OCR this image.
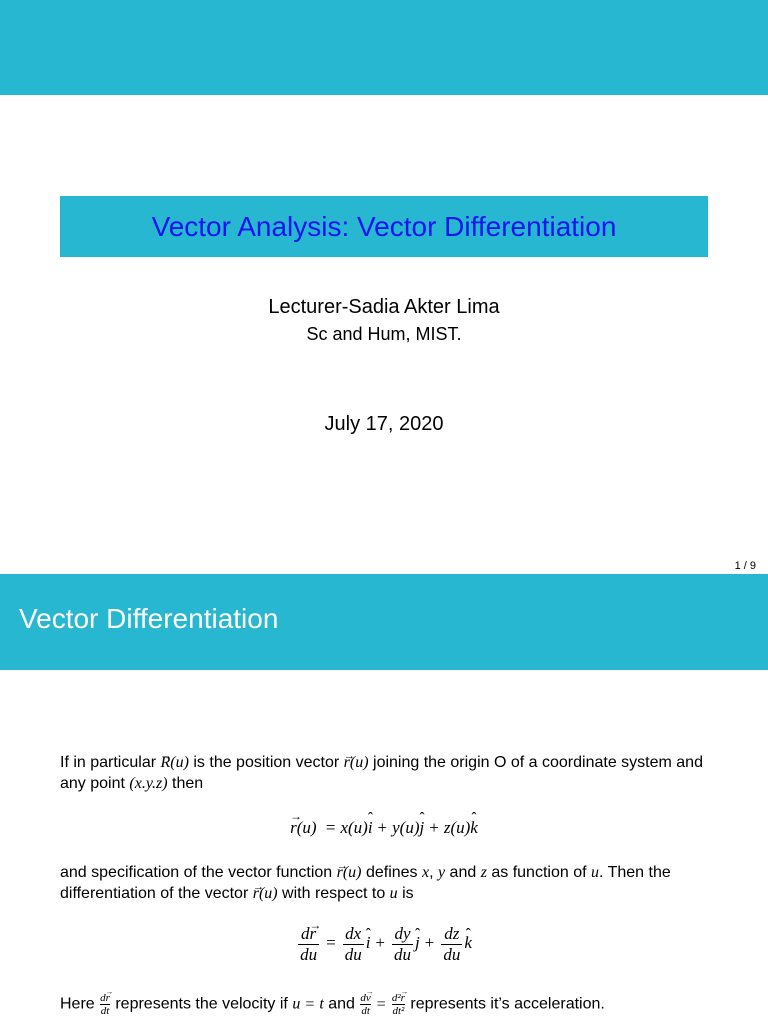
Vector Analysis: Vector Differentiation
Lecturer-Sadia Akter Lima
Sc and Hum, MIST.
July 17, 2020
1 / 9
Vector Differentiation
If in particular → R(u) is the position vector → r(u) joining the origin O of a coordinate system and any point (x.y.z) then
→ r(u) = x(u)ˆ i + y(u)ˆ j + z(u)ˆ k
and specification of the vector function → r(u) defines x, y and z as function of u. Then the differentiation of the vector → r(u) with respect to u is
$\frac{d\to r}{du} = \frac{dx}{du}$ ˆ $i + \frac{dy}{du}$ ˆ $j + \frac{dz}{du}$ ˆ k
Here $\frac{d\to r}{dt}$ represents the velocity if u = t and $\frac{d\to v}{dt} = \frac{\text{d²→ r}}{\text{dt²}}$ represents it’s acceleration.
